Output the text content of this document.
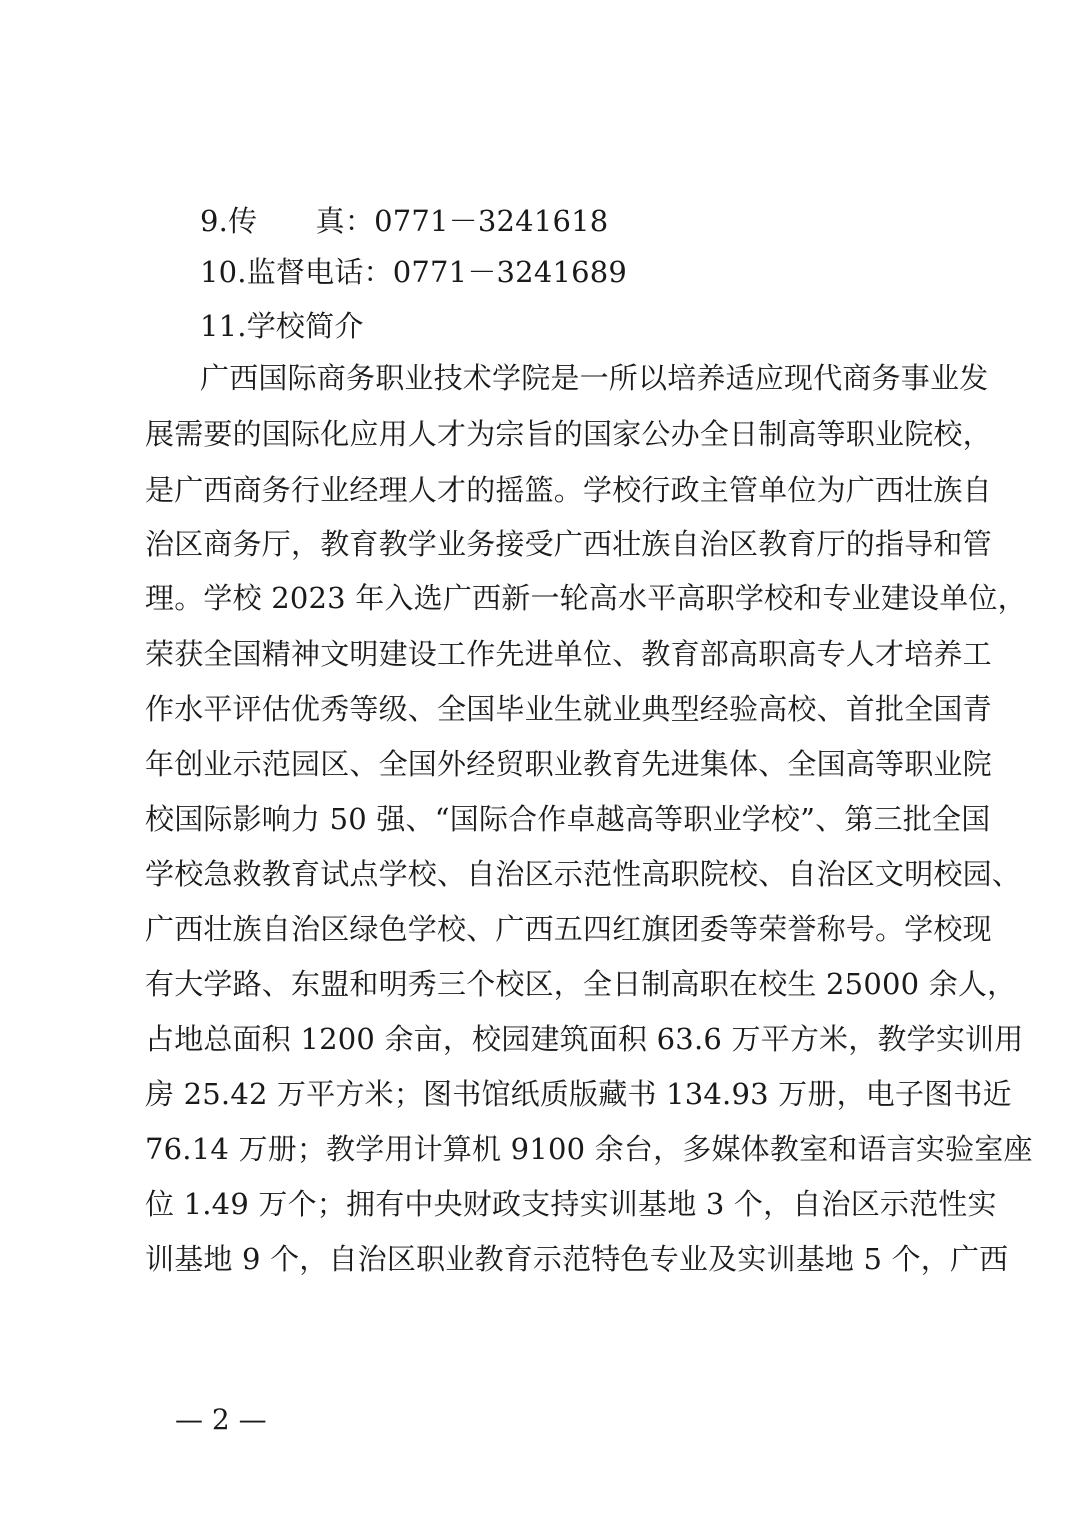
9.传　　真：0771－3241618
10.监督电话：0771－3241689
11.学校简介
广西国际商务职业技术学院是一所以培养适应现代商务事业发
展需要的国际化应用人才为宗旨的国家公办全日制高等职业院校，
是广西商务行业经理人才的摇篮。学校行政主管单位为广西壮族自
治区商务厅，教育教学业务接受广西壮族自治区教育厅的指导和管
理。学校 2023 年入选广西新一轮高水平高职学校和专业建设单位，
荣获全国精神文明建设工作先进单位、教育部高职高专人才培养工
作水平评估优秀等级、全国毕业生就业典型经验高校、首批全国青
年创业示范园区、全国外经贸职业教育先进集体、全国高等职业院
校国际影响力 50 强、“国际合作卓越高等职业学校”、第三批全国
学校急救教育试点学校、自治区示范性高职院校、自治区文明校园、
广西壮族自治区绿色学校、广西五四红旗团委等荣誉称号。学校现
有大学路、东盟和明秀三个校区，全日制高职在校生 25000 余人，
占地总面积 1200 余亩，校园建筑面积 63.6 万平方米，教学实训用
房 25.42 万平方米；图书馆纸质版藏书 134.93 万册，电子图书近
76.14 万册；教学用计算机 9100 余台，多媒体教室和语言实验室座
位 1.49 万个；拥有中央财政支持实训基地 3 个，自治区示范性实
训基地 9 个，自治区职业教育示范特色专业及实训基地 5 个，广西
— 2 —
